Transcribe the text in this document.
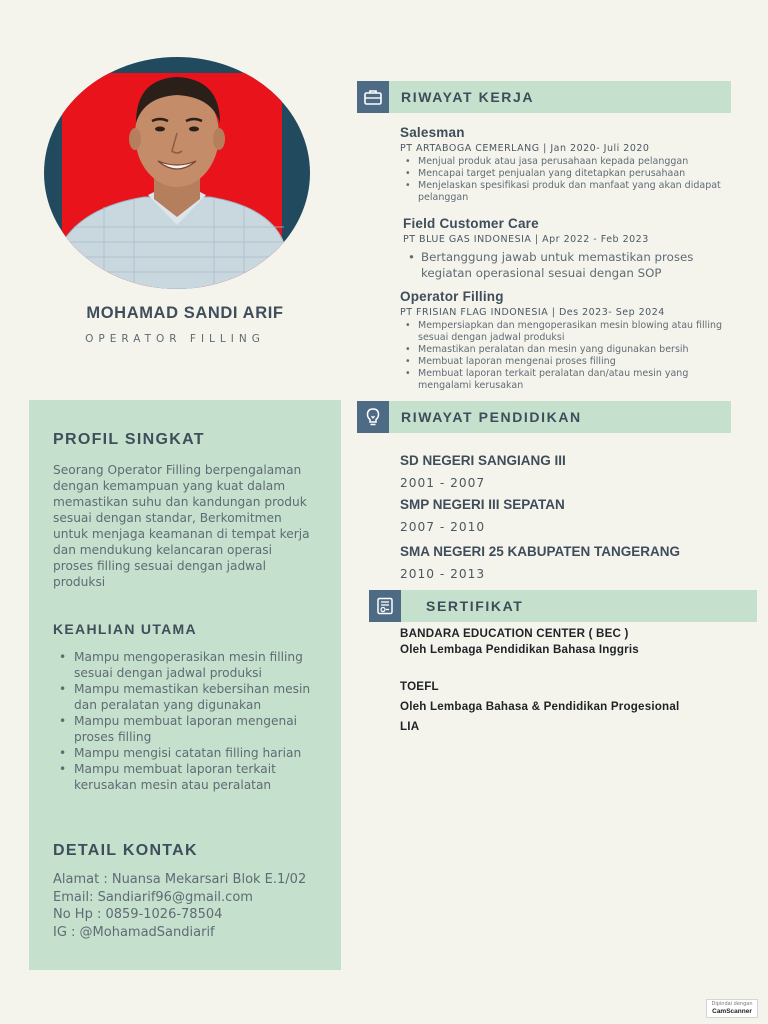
MOHAMAD SANDI ARIF
OPERATOR FILLING
PROFIL SINGKAT
Seorang Operator Filling berpengalaman dengan kemampuan yang kuat dalam memastikan suhu dan kandungan produk sesuai dengan standar, Berkomitmen untuk menjaga keamanan di tempat kerja dan mendukung kelancaran operasi proses filling sesuai dengan jadwal produksi
KEAHLIAN UTAMA
• Mampu mengoperasikan mesin filling sesuai dengan jadwal produksi
• Mampu memastikan kebersihan mesin dan peralatan yang digunakan
• Mampu membuat laporan mengenai proses filling
• Mampu mengisi catatan filling harian
• Mampu membuat laporan terkait kerusakan mesin atau peralatan
DETAIL KONTAK
Alamat : Nuansa Mekarsari Blok E.1/02
Email: Sandiarif96@gmail.com
No Hp : 0859-1026-78504
IG : @MohamadSandiarif
RIWAYAT KERJA
Salesman
PT ARTABOGA CEMERLANG | Jan 2020- Juli 2020
• Menjual produk atau jasa perusahaan kepada pelanggan
• Mencapai target penjualan yang ditetapkan perusahaan
• Menjelaskan spesifikasi produk dan manfaat yang akan didapat pelanggan
Field Customer Care
PT BLUE GAS INDONESIA | Apr 2022 - Feb 2023
• Bertanggung jawab untuk memastikan proses kegiatan operasional sesuai dengan SOP
Operator Filling
PT FRISIAN FLAG INDONESIA | Des 2023- Sep 2024
• Mempersiapkan dan mengoperasikan mesin blowing atau filling sesuai dengan jadwal produksi
• Memastikan peralatan dan mesin yang digunakan bersih
• Membuat laporan mengenai proses filling
• Membuat laporan terkait peralatan dan/atau mesin yang mengalami kerusakan
RIWAYAT PENDIDIKAN
SD NEGERI SANGIANG III
2001 - 2007
SMP NEGERI III SEPATAN
2007 - 2010
SMA NEGERI 25 KABUPATEN TANGERANG
2010 - 2013
SERTIFIKAT
BANDARA EDUCATION CENTER ( BEC )
Oleh Lembaga Pendidikan Bahasa Inggris
TOEFL
Oleh Lembaga Bahasa & Pendidikan Progesional
LIA
Dipindai dengan
CamScanner
